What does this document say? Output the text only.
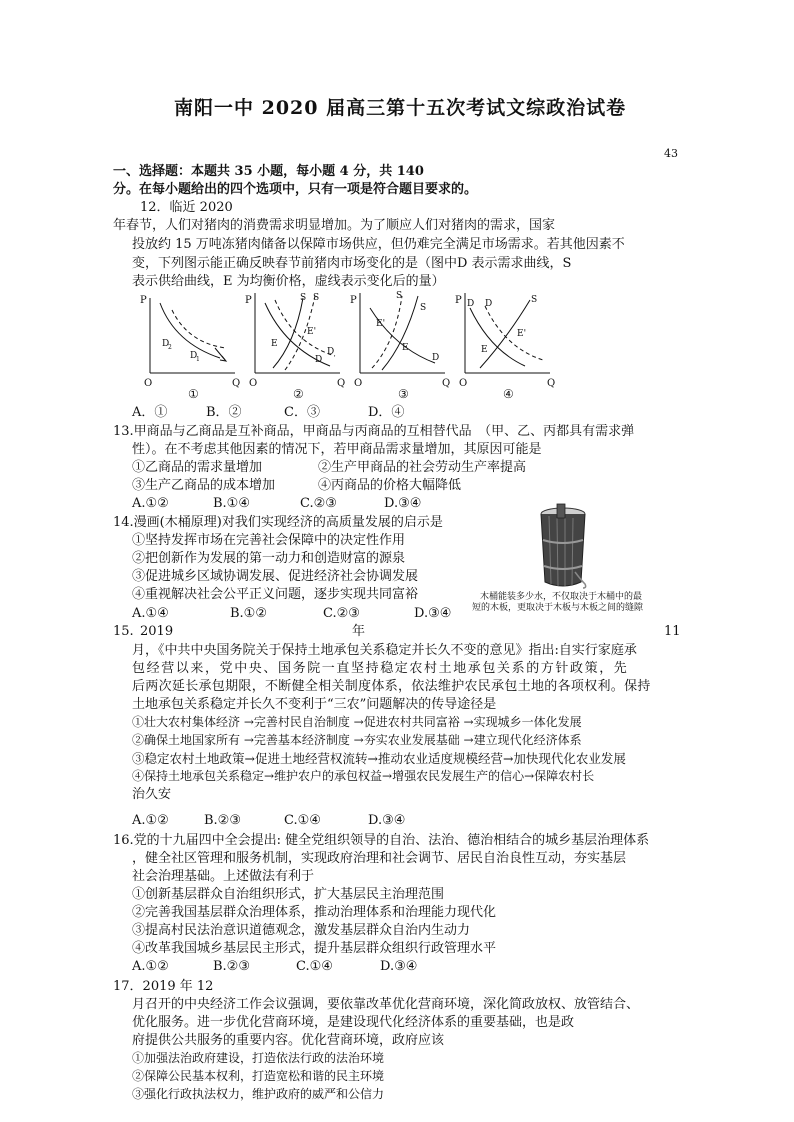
南阳一中 2020 届高三第十五次考试文综政治试卷
43
一、选择题：本题共 35 小题，每小题 4 分，共 140
分。在每小题给出的四个选项中，只有一项是符合题目要求的。
12．临近 2020
年春节，人们对猪肉的消费需求明显增加。为了顺应人们对猪肉的需求，国家
投放约 15 万吨冻猪肉储备以保障市场供应，但仍难完全满足市场需求。若其他因素不
变，下列图示能正确反映春节前猪肉市场变化的是（图中D 表示需求曲线，S
表示供给曲线，E 为均衡价格，虚线表示变化后的量）
P
O	Q
D
2
D
1
P
O	Q
S S
E
E'
D
D
P
O	Q
S
S
E'
E
D
P
O	Q
D D	S
E
E'
①	②	③	④
A．①	B．②	C．③	D．④
13.甲商品与乙商品是互补商品，甲商品与丙商品的互相替代品　（甲、乙、丙都具有需求弹
性）。在不考虑其他因素的情况下，若甲商品需求量增加，其原因可能是
①乙商品的需求量增加	②生产甲商品的社会劳动生产率提高
③生产乙商品的成本增加	④丙商品的价格大幅降低
A.①②	B.①④	C.②③	D.③④
14.漫画(木桶原理)对我们实现经济的高质量发展的启示是
①坚持发挥市场在完善社会保障中的决定性作用
②把创新作为发展的第一动力和创造财富的源泉
③促进城乡区域协调发展、促进经济社会协调发展
④重视解决社会公平正义问题，逐步实现共同富裕
A.①④	B.①②	C.②③	D.③④
木桶能装多少水，不仅取决于木桶中的最
短的木板，更取决于木板与木板之间的缝隙
15. 2019	年	11
月，《中共中央国务院关于保持土地承包关系稳定并长久不变的意见》指出:自实行家庭承
包经营以来，党中央、国务院一直坚持稳定农村土地承包关系的方针政策，先
后两次延长承包期限，不断健全相关制度体系，依法维护农民承包土地的各项权利。保持
土地承包关系稳定并长久不变利于“三农”问题解决的传导途径是
①壮大农村集体经济 →完善村民自治制度 →促进农村共同富裕 →实现城乡一体化发展
②确保土地国家所有 →完善基本经济制度 →夯实农业发展基础 →建立现代化经济体系
③稳定农村土地政策→促进土地经营权流转→推动农业适度规模经营→加快现代化农业发展
④保持土地承包关系稳定→维护农户的承包权益→增强农民发展生产的信心→保障农村长
治久安
A.①②	B.②③	C.①④	D.③④
16.党的十九届四中全会提出: 健全党组织领导的自治、法治、德治相结合的城乡基层治理体系
，健全社区管理和服务机制，实现政府治理和社会调节、居民自治良性互动，夯实基层
社会治理基础。上述做法有利于
①创新基层群众自治组织形式，扩大基层民主治理范围
②完善我国基层群众治理体系，推动治理体系和治理能力现代化
③提高村民法治意识道德观念，激发基层群众自治内生动力
④改革我国城乡基层民主形式，提升基层群众组织行政管理水平
A.①②	B.②③	C.①④	D.③④
17．2019 年 12
月召开的中央经济工作会议强调，要依靠改革优化营商环境，深化简政放权、放管结合、
优化服务。进一步优化营商环境，是建设现代化经济体系的重要基础，也是政
府提供公共服务的重要内容。优化营商环境，政府应该
①加强法治政府建设，打造依法行政的法治环境
②保障公民基本权利，打造宽松和谐的民主环境
③强化行政执法权力，维护政府的威严和公信力
